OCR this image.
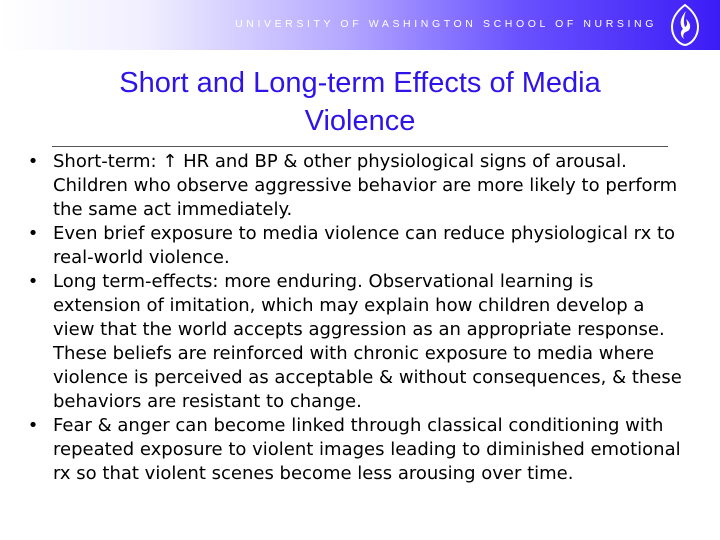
UNIVERSITY OF WASHINGTON SCHOOL OF NURSING
Short and Long-term Effects of Media
Violence
• Short-term: ↑ HR and BP & other physiological signs of arousal. Children who observe aggressive behavior are more likely to perform the same act immediately.
• Even brief exposure to media violence can reduce physiological rx to real-world violence.
• Long term-effects: more enduring. Observational learning is extension of imitation, which may explain how children develop a view that the world accepts aggression as an appropriate response. These beliefs are reinforced with chronic exposure to media where violence is perceived as acceptable & without consequences, & these behaviors are resistant to change.
• Fear & anger can become linked through classical conditioning with repeated exposure to violent images leading to diminished emotional rx so that violent scenes become less arousing over time.
